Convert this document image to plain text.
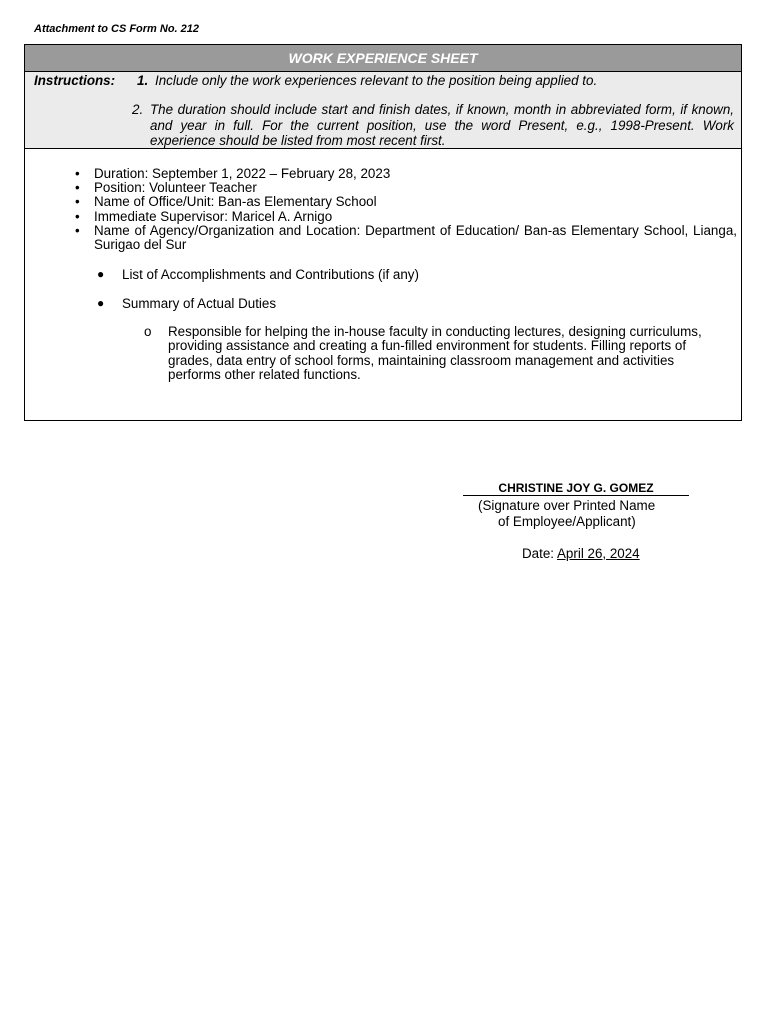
Attachment to CS Form No. 212
WORK EXPERIENCE SHEET
Instructions: 1. Include only the work experiences relevant to the position being applied to.
2. The duration should include start and finish dates, if known, month in abbreviated form, if known, and year in full. For the current position, use the word Present, e.g., 1998-Present. Work experience should be listed from most recent first.
• Duration: September 1, 2022 – February 28, 2023
• Position: Volunteer Teacher
• Name of Office/Unit: Ban-as Elementary School
• Immediate Supervisor: Maricel A. Arnigo
• Name of Agency/Organization and Location: Department of Education/ Ban-as Elementary School, Lianga, Surigao del Sur
● List of Accomplishments and Contributions (if any)
● Summary of Actual Duties
o Responsible for helping the in-house faculty in conducting lectures, designing curriculums, providing assistance and creating a fun-filled environment for students. Filling reports of grades, data entry of school forms, maintaining classroom management and activities performs other related functions.
CHRISTINE JOY G. GOMEZ
(Signature over Printed Name
of Employee/Applicant)
Date: April 26, 2024
